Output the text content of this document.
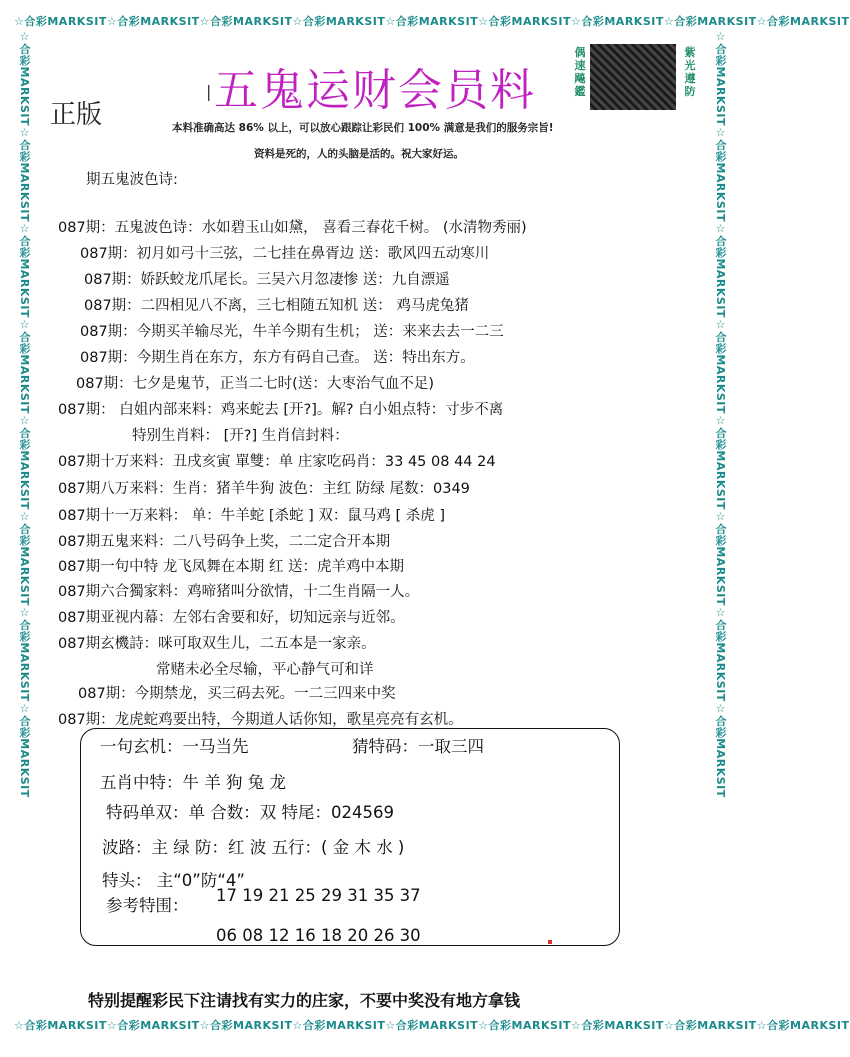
☆合彩MARKSIT☆合彩MARKSIT☆合彩MARKSIT☆合彩MARKSIT☆合彩MARKSIT☆合彩MARKSIT☆合彩MARKSIT☆合彩MARKSIT☆合彩MARKSIT
☆合彩MARKSIT☆合彩MARKSIT☆合彩MARKSIT☆合彩MARKSIT☆合彩MARKSIT☆合彩MARKSIT☆合彩MARKSIT☆合彩MARKSIT☆合彩MARKSIT
☆合彩MARKSIT☆合彩MARKSIT☆合彩MARKSIT☆合彩MARKSIT☆合彩MARKSIT☆合彩MARKSIT☆合彩MARKSIT☆合彩MARKSIT	☆合彩MARKSIT☆合彩MARKSIT☆合彩MARKSIT☆合彩MARKSIT☆合彩MARKSIT☆合彩MARKSIT☆合彩MARKSIT☆合彩MARKSIT
| 五鬼运财会员料
正版
偶速飚鑑
紫光遵防
本料准确高达 86% 以上，可以放心跟踪让彩民们 100% 满意是我们的服务宗旨!
资料是死的，人的头脑是活的。祝大家好运。
期五鬼波色诗:
087期：五鬼波色诗：水如碧玉山如黛， 喜看三春花千树。 (水清物秀丽)
087期：初月如弓十三弦，二七挂在鼻胥边 送：歌风四五动寒川
087期：娇跃蛟龙爪尾长。三吴六月忽凄惨 送：九自漂遥
087期：二四相见八不离，三七相随五知机 送： 鸡马虎兔猪
087期：今期买羊输尽光，牛羊今期有生机； 送：来来去去一二三
087期：今期生肖在东方，东方有码自己查。 送：特出东方。
087期：七夕是鬼节，正当二七时(送：大枣治气血不足)
087期： 白姐内部来料：鸡来蛇去 [开?]。解? 白小姐点特：寸步不离
特别生肖料： [开?] 生肖信封料：
087期十万来料：丑戌亥寅 單雙：单 庄家吃码肖：33 45 08 44 24
087期八万来料：生肖：猪羊牛狗 波色：主红 防绿 尾数：0349
087期十一万来料： 单：牛羊蛇 [杀蛇 ] 双：鼠马鸡 [ 杀虎 ]
087期五鬼来料：二八号码争上奖，二二定合开本期
087期一句中特 龙飞凤舞在本期 红 送：虎羊鸡中本期
087期六合獨家料：鸡啼猪叫分欲情，十二生肖隔一人。
087期亚视内幕：左邻右舍要和好，切知远亲与近邻。
087期玄機詩：咪可取双生儿，二五本是一家亲。
常赌未必全尽输，平心静气可和详
087期：今期禁龙，买三码去死。一二三四来中奖
087期：龙虎蛇鸡要出特，今期道人话你知，歌星亮亮有玄机。
一句玄机：一马当先	猜特码：一取三四
五肖中特：牛 羊 狗 兔 龙
特码单双：单 合数：双 特尾：024569
波路：主 绿 防：红 波 五行：( 金 木 水 )
特头： 主“0”防“4”
参考特围：
17 19 21 25 29 31 35 37
06 08 12 16 18 20 26 30
特别提醒彩民下注请找有实力的庄家，不要中奖没有地方拿钱
